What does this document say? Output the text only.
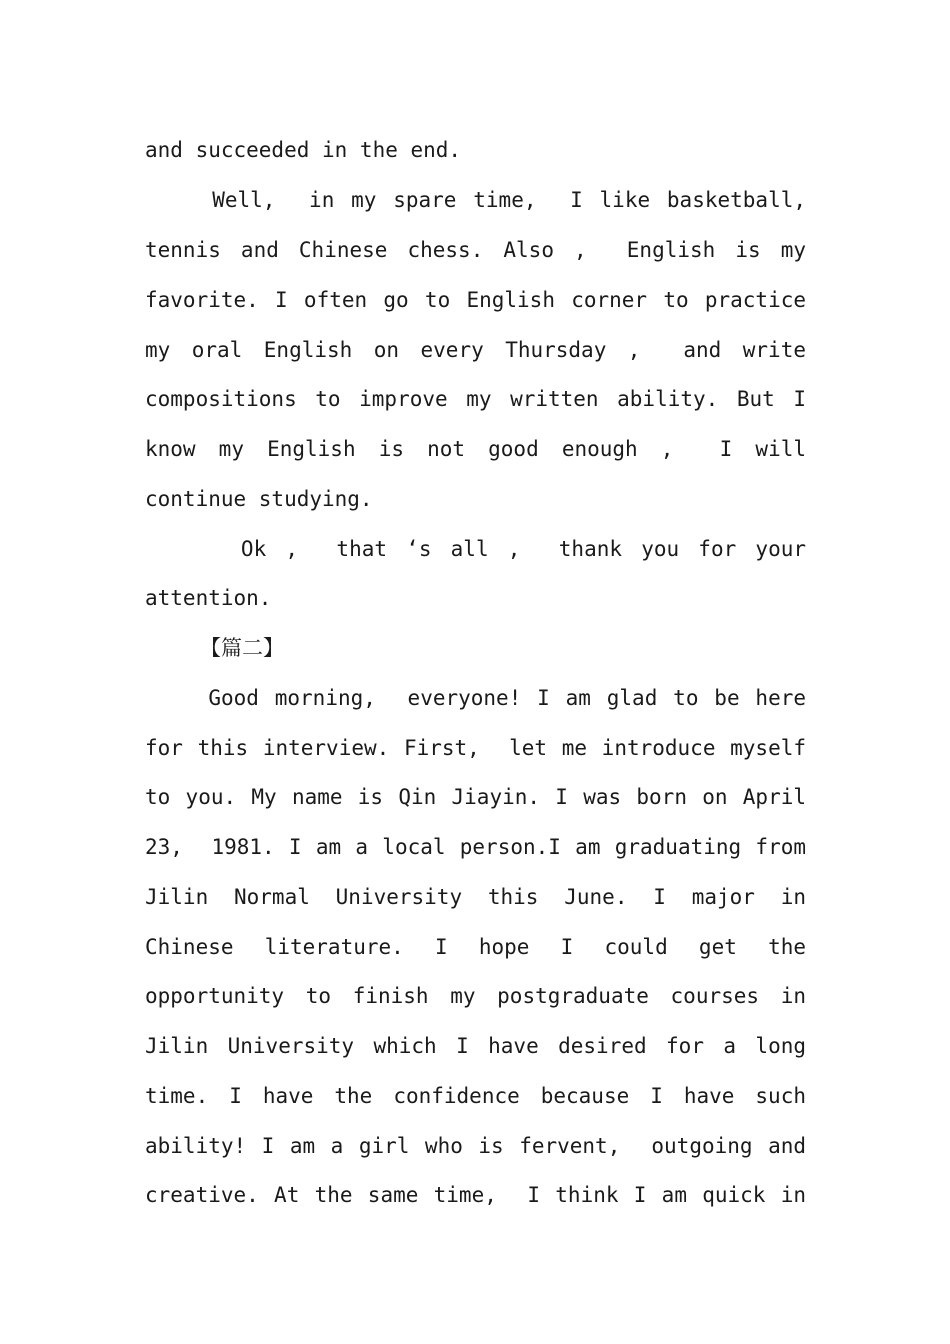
and succeeded in the end.
Well,  in my spare time,  I like basketball,
tennis and Chinese chess. Also ,  English is my
favorite. I often go to English corner to practice
my oral English on every Thursday ,  and write
compositions to improve my written ability. But I
know my English is not good enough ,  I will
continue studying.
Ok ,  that ‘s all ,  thank you for your
attention.
【篇二】
Good morning,  everyone! I am glad to be here
for this interview. First,  let me introduce myself
to you. My name is Qin Jiayin. I was born on April
23,  1981. I am a local person.I am graduating from
Jilin Normal University this June. I major in
Chinese literature. I hope I could get the
opportunity to finish my postgraduate courses in
Jilin University which I have desired for a long
time. I have the confidence because I have such
ability! I am a girl who is fervent,  outgoing and
creative. At the same time,  I think I am quick in
